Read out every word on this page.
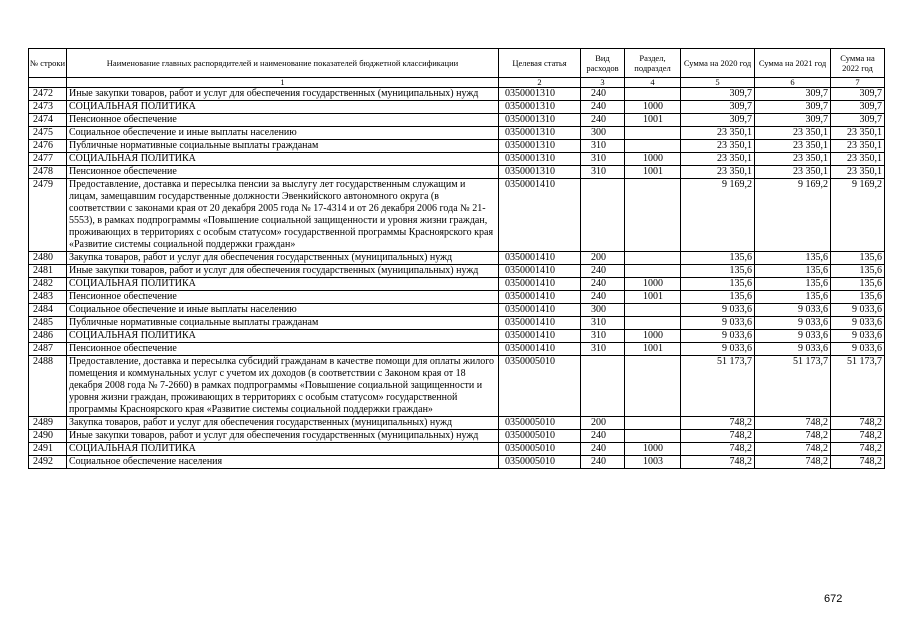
№ строки	Наименование главных распорядителей и наименование показателей бюджетной классификации	Целевая статья	Вид расходов	Раздел, подраздел	Сумма на 2020 год	Сумма на 2021 год	Сумма на 2022 год
	1	2	3	4	5	6	7
2472	Иные закупки товаров, работ и услуг для обеспечения государственных (муниципальных) нужд	0350001310	240		309,7	309,7	309,7
2473	СОЦИАЛЬНАЯ ПОЛИТИКА	0350001310	240	1000	309,7	309,7	309,7
2474	Пенсионное обеспечение	0350001310	240	1001	309,7	309,7	309,7
2475	Социальное обеспечение и иные выплаты населению	0350001310	300		23 350,1	23 350,1	23 350,1
2476	Публичные нормативные социальные выплаты гражданам	0350001310	310		23 350,1	23 350,1	23 350,1
2477	СОЦИАЛЬНАЯ ПОЛИТИКА	0350001310	310	1000	23 350,1	23 350,1	23 350,1
2478	Пенсионное обеспечение	0350001310	310	1001	23 350,1	23 350,1	23 350,1
2479	Предоставление, доставка и пересылка пенсии за выслугу лет государственным служащим и лицам, замещавшим государственные должности Эвенкийского автономного округа (в соответствии с законами края от 20 декабря 2005 года № 17-4314 и от 26 декабря 2006 года № 21-5553), в рамках подпрограммы «Повышение социальной защищенности и уровня жизни граждан, проживающих в территориях с особым статусом» государственной программы Красноярского края «Развитие системы социальной поддержки граждан»	0350001410			9 169,2	9 169,2	9 169,2
2480	Закупка товаров, работ и услуг для обеспечения государственных (муниципальных) нужд	0350001410	200		135,6	135,6	135,6
2481	Иные закупки товаров, работ и услуг для обеспечения государственных (муниципальных) нужд	0350001410	240		135,6	135,6	135,6
2482	СОЦИАЛЬНАЯ ПОЛИТИКА	0350001410	240	1000	135,6	135,6	135,6
2483	Пенсионное обеспечение	0350001410	240	1001	135,6	135,6	135,6
2484	Социальное обеспечение и иные выплаты населению	0350001410	300		9 033,6	9 033,6	9 033,6
2485	Публичные нормативные социальные выплаты гражданам	0350001410	310		9 033,6	9 033,6	9 033,6
2486	СОЦИАЛЬНАЯ ПОЛИТИКА	0350001410	310	1000	9 033,6	9 033,6	9 033,6
2487	Пенсионное обеспечение	0350001410	310	1001	9 033,6	9 033,6	9 033,6
2488	Предоставление, доставка и пересылка субсидий гражданам в качестве помощи для оплаты жилого помещения и коммунальных услуг с учетом их доходов (в соответствии с Законом края от 18 декабря 2008 года № 7-2660) в рамках подпрограммы «Повышение социальной защищенности и уровня жизни граждан, проживающих в территориях с особым статусом» государственной программы Красноярского края «Развитие системы социальной поддержки граждан»	0350005010			51 173,7	51 173,7	51 173,7
2489	Закупка товаров, работ и услуг для обеспечения государственных (муниципальных) нужд	0350005010	200		748,2	748,2	748,2
2490	Иные закупки товаров, работ и услуг для обеспечения государственных (муниципальных) нужд	0350005010	240		748,2	748,2	748,2
2491	СОЦИАЛЬНАЯ ПОЛИТИКА	0350005010	240	1000	748,2	748,2	748,2
2492	Социальное обеспечение населения	0350005010	240	1003	748,2	748,2	748,2
672
